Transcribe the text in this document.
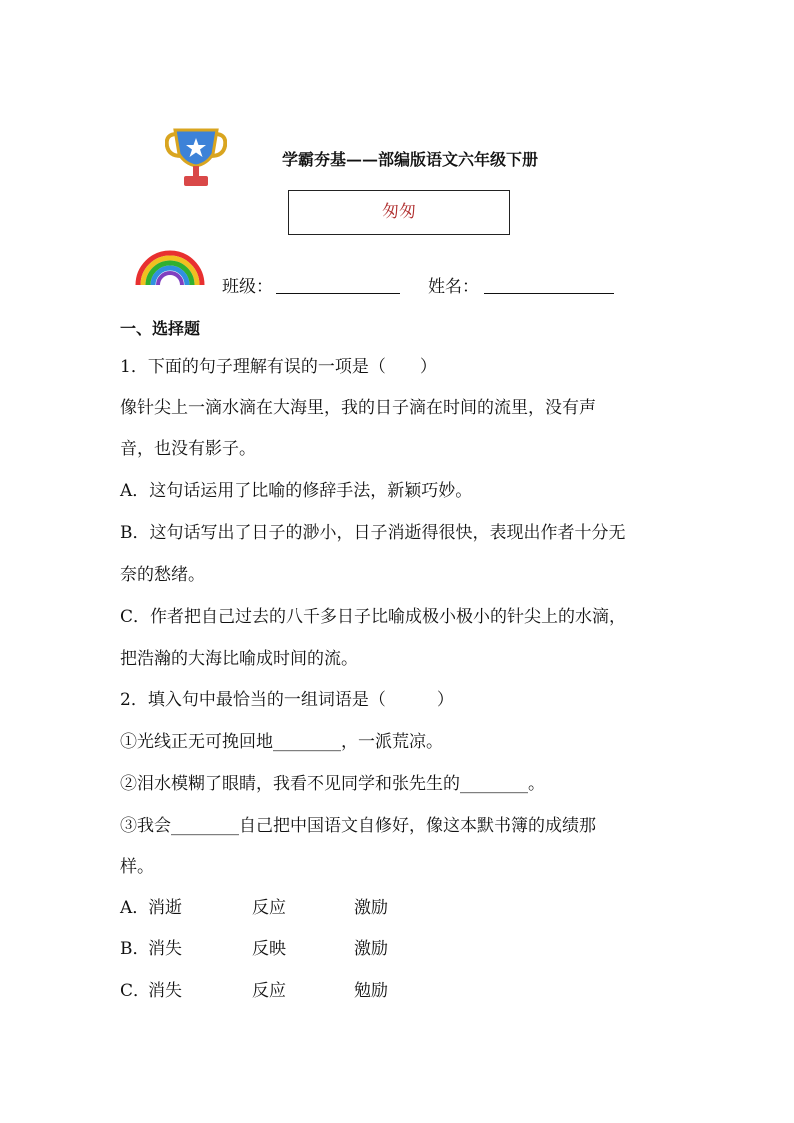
学霸夯基——部编版语文六年级下册
匆匆
班级：	姓名：
一、选择题
1．下面的句子理解有误的一项是（　　）
像针尖上一滴水滴在大海里，我的日子滴在时间的流里，没有声
音，也没有影子。
A．这句话运用了比喻的修辞手法，新颖巧妙。
B．这句话写出了日子的渺小，日子消逝得很快，表现出作者十分无
奈的愁绪。
C．作者把自己过去的八千多日子比喻成极小极小的针尖上的水滴，
把浩瀚的大海比喻成时间的流。
2．填入句中最恰当的一组词语是（　　　）
①光线正无可挽回地________，一派荒凉。
②泪水模糊了眼睛，我看不见同学和张先生的________。
③我会________自己把中国语文自修好，像这本默书簿的成绩那
样。
A．
消逝	反应	激励
B．
消失	反映	激励
C．
消失	反应	勉励
